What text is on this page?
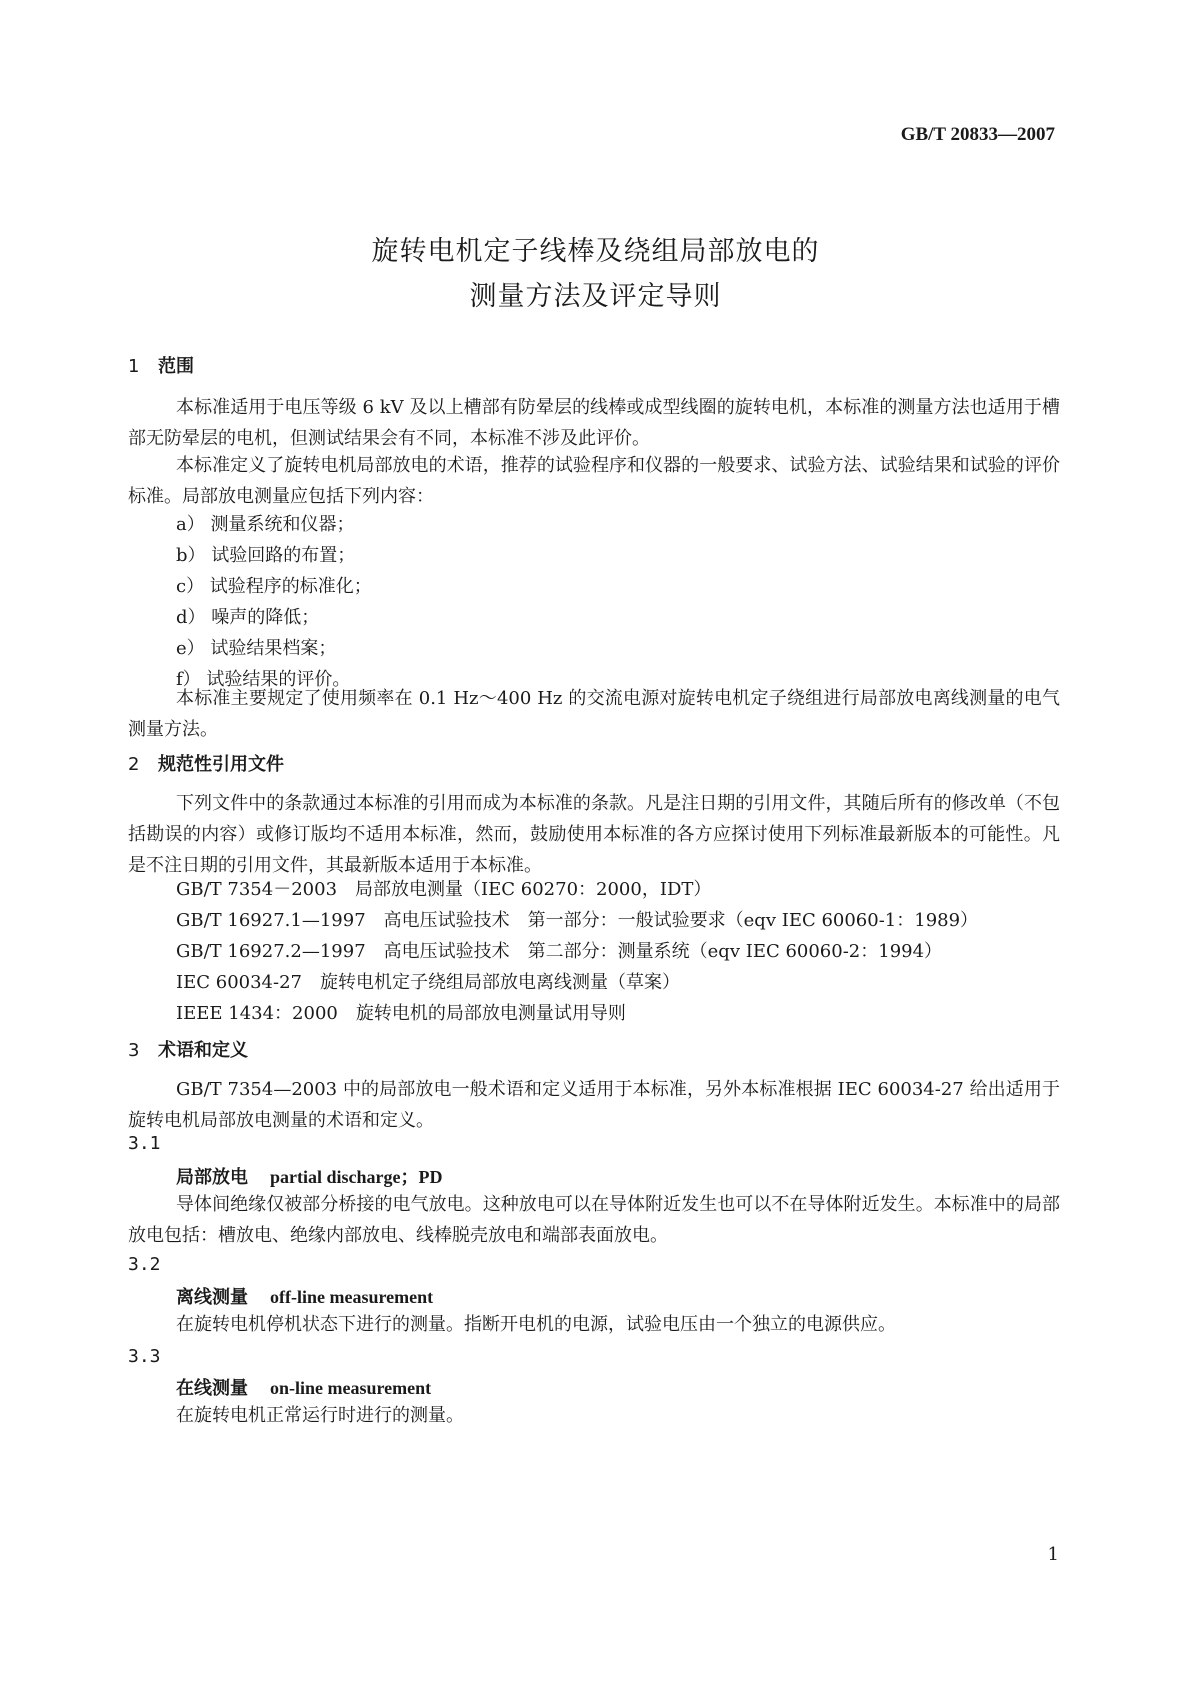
GB/T 20833—2007
旋转电机定子线棒及绕组局部放电的
测量方法及评定导则
1 范围
本标准适用于电压等级 6 kV 及以上槽部有防晕层的线棒或成型线圈的旋转电机，本标准的测量方法也适用于槽部无防晕层的电机，但测试结果会有不同，本标准不涉及此评价。
本标准定义了旋转电机局部放电的术语，推荐的试验程序和仪器的一般要求、试验方法、试验结果和试验的评价标准。局部放电测量应包括下列内容：
a） 测量系统和仪器；
b） 试验回路的布置；
c） 试验程序的标准化；
d） 噪声的降低；
e） 试验结果档案；
f） 试验结果的评价。
本标准主要规定了使用频率在 0.1 Hz～400 Hz 的交流电源对旋转电机定子绕组进行局部放电离线测量的电气测量方法。
2 规范性引用文件
下列文件中的条款通过本标准的引用而成为本标准的条款。凡是注日期的引用文件，其随后所有的修改单（不包括勘误的内容）或修订版均不适用本标准，然而，鼓励使用本标准的各方应探讨使用下列标准最新版本的可能性。凡是不注日期的引用文件，其最新版本适用于本标准。
GB/T 7354－2003　局部放电测量（IEC 60270：2000，IDT）
GB/T 16927.1—1997　高电压试验技术　第一部分：一般试验要求（eqv IEC 60060-1：1989）
GB/T 16927.2—1997　高电压试验技术　第二部分：测量系统（eqv IEC 60060-2：1994）
IEC 60034-27　旋转电机定子绕组局部放电离线测量（草案）
IEEE 1434：2000　旋转电机的局部放电测量试用导则
3 术语和定义
GB/T 7354—2003 中的局部放电一般术语和定义适用于本标准，另外本标准根据 IEC 60034-27 给出适用于旋转电机局部放电测量的术语和定义。
3.1
局部放电 partial discharge；PD
导体间绝缘仅被部分桥接的电气放电。这种放电可以在导体附近发生也可以不在导体附近发生。本标准中的局部放电包括：槽放电、绝缘内部放电、线棒脱壳放电和端部表面放电。
3.2
离线测量 off-line measurement
在旋转电机停机状态下进行的测量。指断开电机的电源，试验电压由一个独立的电源供应。
3.3
在线测量 on-line measurement
在旋转电机正常运行时进行的测量。
1
